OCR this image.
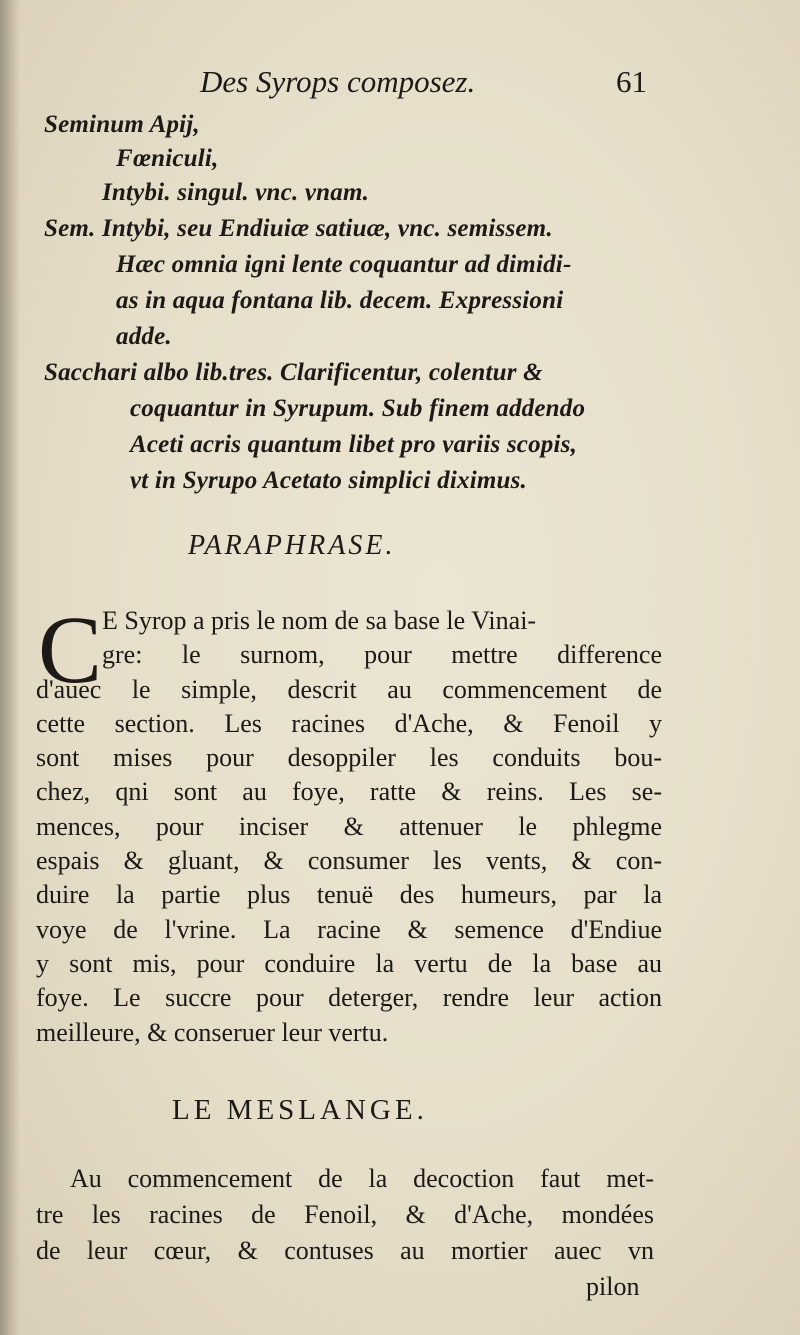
Des Syrops composez.	61
Seminum Apij,
Fœniculi,
Intybi. singul. vnc. vnam.
Sem. Intybi, seu Endiuiæ satiuæ, vnc. semissem.
Hæc omnia igni lente coquantur ad dimidi-
as in aqua fontana lib. decem. Expressioni
adde.
Sacchari albo lib.tres. Clarificentur, colentur &
coquantur in Syrupum. Sub finem addendo
Aceti acris quantum libet pro variis scopis,
vt in Syrupo Acetato simplici diximus.
PARAPHRASE.
C E Syrop a pris le nom de sa base le Vinai-
gre: le surnom, pour mettre difference
d'auec le simple, descrit au commencement de
cette section. Les racines d'Ache, & Fenoil y
sont mises pour desoppiler les conduits bou-
chez, qni sont au foye, ratte & reins. Les se-
mences, pour inciser & attenuer le phlegme
espais & gluant, & consumer les vents, & con-
duire la partie plus tenuë des humeurs, par la
voye de l'vrine. La racine & semence d'Endiue
y sont mis, pour conduire la vertu de la base au
foye. Le succre pour deterger, rendre leur action
meilleure, & conseruer leur vertu.
LE MESLANGE.
Au commencement de la decoction faut met-
tre les racines de Fenoil, & d'Ache, mondées
de leur cœur, & contuses au mortier auec vn
pilon
